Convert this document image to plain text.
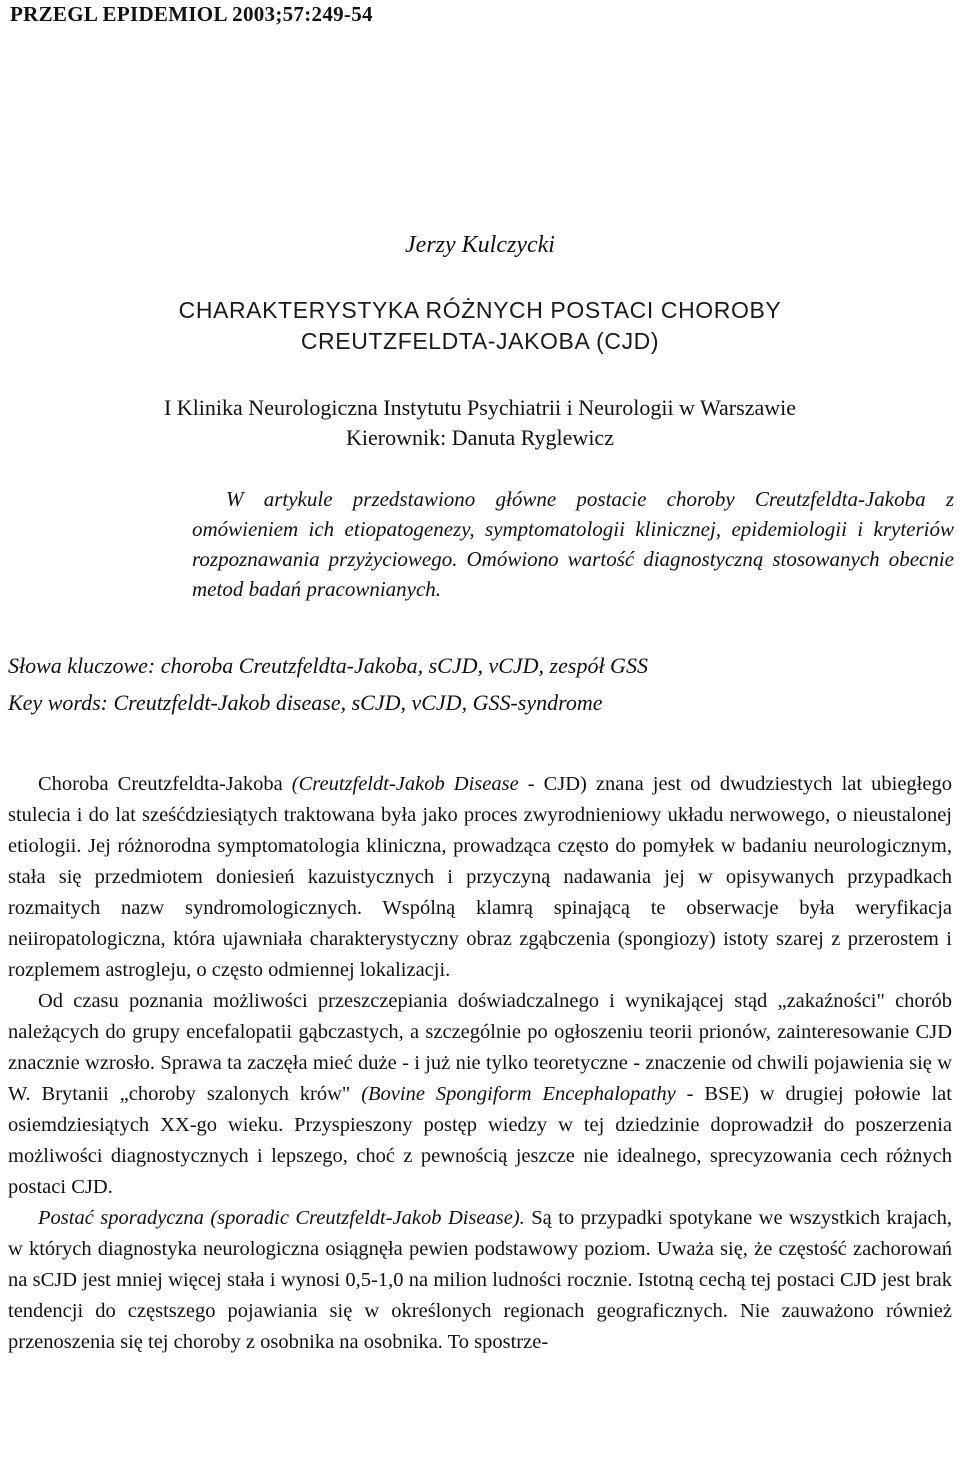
PRZEGL EPIDEMIOL 2003;57:249-54
Jerzy Kulczycki
CHARAKTERYSTYKA RÓŻNYCH POSTACI CHOROBY
CREUTZFELDTA-JAKOBA (CJD)
I Klinika Neurologiczna Instytutu Psychiatrii i Neurologii w Warszawie
Kierownik: Danuta Ryglewicz

W artykule przedstawiono główne postacie choroby Creutzfeldta-Jakoba z omówieniem ich etiopatogenezy, symptomatologii klinicznej, epidemiologii i kryteriów rozpoznawania przyżyciowego. Omówiono wartość diagnostyczną stosowanych obecnie metod badań pracownianych.

Słowa kluczowe: choroba Creutzfeldta-Jakoba, sCJD, vCJD, zespół GSS

Key words: Creutzfeldt-Jakob disease, sCJD, vCJD, GSS-syndrome

Choroba Creutzfeldta-Jakoba (Creutzfeldt-Jakob Disease - CJD) znana jest od dwudziestych lat ubiegłego stulecia i do lat sześćdziesiątych traktowana była jako proces zwyrodnieniowy układu nerwowego, o nieustalonej etiologii. Jej różnorodna symptomatologia kliniczna, prowadząca często do pomyłek w badaniu neurologicznym, stała się przedmiotem doniesień kazuistycznych i przyczyną nadawania jej w opisywanych przypadkach rozmaitych nazw syndromologicznych. Wspólną klamrą spinającą te obserwacje była weryfikacja neiiropatologiczna, która ujawniała charakterystyczny obraz zgąbczenia (spongiozy) istoty szarej z przerostem i rozplemem astrogleju, o często odmiennej lokalizacji.

Od czasu poznania możliwości przeszczepiania doświadczalnego i wynikającej stąd „zakaźności" chorób należących do grupy encefalopatii gąbczastych, a szczególnie po ogłoszeniu teorii prionów, zainteresowanie CJD znacznie wzrosło. Sprawa ta zaczęła mieć duże - i już nie tylko teoretyczne - znaczenie od chwili pojawienia się w W. Brytanii „choroby szalonych krów" (Bovine Spongiform Encephalopathy - BSE) w drugiej połowie lat osiemdziesiątych XX-go wieku. Przyspieszony postęp wiedzy w tej dziedzinie doprowadził do poszerzenia możliwości diagnostycznych i lepszego, choć z pewnością jeszcze nie idealnego, sprecyzowania cech różnych postaci CJD.

Postać sporadyczna (sporadic Creutzfeldt-Jakob Disease). Są to przypadki spotykane we wszystkich krajach, w których diagnostyka neurologiczna osiągnęła pewien podstawowy poziom. Uważa się, że częstość zachorowań na sCJD jest mniej więcej stała i wynosi 0,5-1,0 na milion ludności rocznie. Istotną cechą tej postaci CJD jest brak tendencji do częstszego pojawiania się w określonych regionach geograficznych. Nie zauważono również przenoszenia się tej choroby z osobnika na osobnika. To spostrze-
